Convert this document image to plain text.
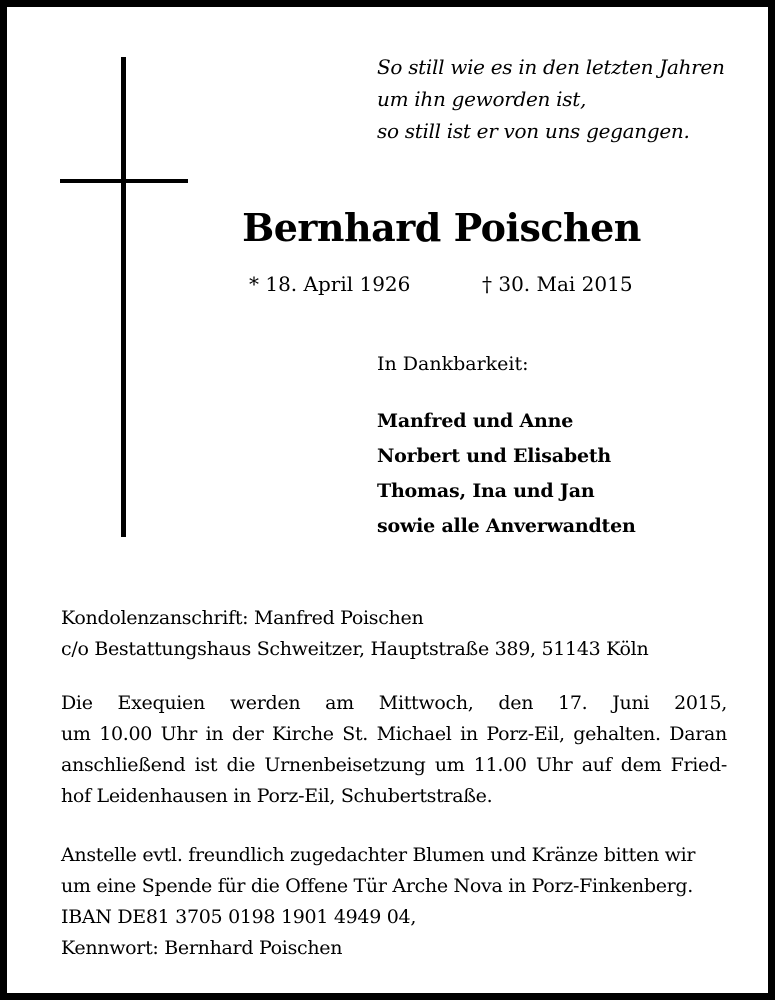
So still wie es in den letzten Jahren
um ihn geworden ist,
so still ist er von uns gegangen.
Bernhard Poischen
* 18. April 1926	† 30. Mai 2015
In Dankbarkeit:
Manfred und Anne
Norbert und Elisabeth
Thomas, Ina und Jan
sowie alle Anverwandten
Kondolenzanschrift: Manfred Poischen
c/o Bestattungshaus Schweitzer, Hauptstraße 389, 51143 Köln
Die Exequien werden am Mittwoch, den 17. Juni 2015,
um 10.00 Uhr in der Kirche St. Michael in Porz-Eil, gehalten. Daran
anschließend ist die Urnenbeisetzung um 11.00 Uhr auf dem Fried-
hof Leidenhausen in Porz-Eil, Schubertstraße.
Anstelle evtl. freundlich zugedachter Blumen und Kränze bitten wir
um eine Spende für die Offene Tür Arche Nova in Porz-Finkenberg.
IBAN DE81 3705 0198 1901 4949 04,
Kennwort: Bernhard Poischen
